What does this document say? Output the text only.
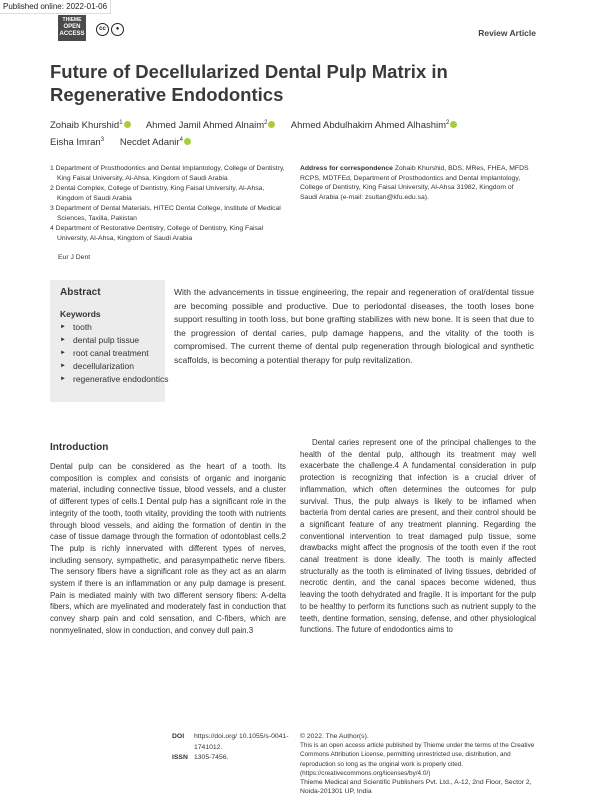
Published online: 2022-01-06
THIEME
OPEN
ACCESS
cc ●	Review Article
Future of Decellularized Dental Pulp Matrix in Regenerative Endodontics
Zohaib Khurshid$^1$ Ahmed Jamil Ahmed Alnaim$^2$ Ahmed Abdulhakim Ahmed Alhashim$^2$
Eisha Imran$^3$ Necdet Adanir$^4$
1 Department of Prosthodontics and Dental Implantology, College of Dentistry, King Faisal University, Al-Ahsa, Kingdom of Saudi Arabia
2 Dental Complex, College of Dentistry, King Faisal University, Al-Ahsa, Kingdom of Saudi Arabia
3 Department of Dental Materials, HITEC Dental College, Institute of Medical Sciences, Taxilla, Pakistan
4 Department of Restorative Dentistry, College of Dentistry, King Faisal University, Al-Ahsa, Kingdom of Saudi Arabia
Address for correspondence Zohaib Khurshid, BDS, MRes, FHEA, MFDS RCPS, MDTFEd, Department of Prosthodontics and Dental Implantology, College of Dentistry, King Faisal University, Al-Ahsa 31982, Kingdom of Saudi Arabia (e-mail: zsultan@kfu.edu.sa).
Eur J Dent
Abstract
Keywords
► tooth
► dental pulp tissue
► root canal treatment
► decellularization
► regenerative endodontics
With the advancements in tissue engineering, the repair and regeneration of oral/dental tissue are becoming possible and productive. Due to periodontal diseases, the tooth loses bone support resulting in tooth loss, but bone grafting stabilizes with new bone. It is seen that due to the progression of dental caries, pulp damage happens, and the vitality of the tooth is compromised. The current theme of dental pulp regeneration through biological and synthetic scaffolds, is becoming a potential therapy for pulp revitalization.
Introduction
Dental pulp can be considered as the heart of a tooth. Its composition is complex and consists of organic and inorganic material, including connective tissue, blood vessels, and a cluster of different types of cells.1 Dental pulp has a significant role in the integrity of the tooth, tooth vitality, providing the tooth with nutrients through blood vessels, and aiding the formation of dentin in the case of tissue damage through the formation of odontoblast cells.2 The pulp is richly innervated with different types of nerves, including sensory, sympathetic, and parasympathetic nerve fibers. The sensory fibers have a significant role as they act as an alarm system if there is an inflammation or any pulp damage is present. Pain is mediated mainly with two different sensory fibers: A-delta fibers, which are myelinated and moderately fast in conduction that convey sharp pain and cold sensation, and C-fibers, which are nonmyelinated, slow in conduction, and convey dull pain.3

Dental caries represent one of the principal challenges to the health of the dental pulp, although its treatment may well exacerbate the challenge.4 A fundamental consideration in pulp protection is recognizing that infection is a crucial driver of inflammation, which often determines the outcomes for pulp survival. Thus, the pulp always is likely to be inflamed when bacteria from dental caries are present, and their control should be a significant feature of any treatment planning. Regarding the conventional intervention to treat damaged pulp tissue, some drawbacks might affect the prognosis of the tooth even if the root canal treatment is done ideally. The tooth is mainly affected structurally as the tooth is eliminated of living tissues, debrided of necrotic dentin, and the canal spaces become widened, thus leaving the tooth dehydrated and fragile. It is important for the pulp to be healthy to perform its functions such as nutrient supply to the teeth, dentine formation, sensing, defense, and other physiological functions. The future of endodontics aims to

DOI https://doi.org/ 10.1055/s-0041-1741012.
ISSN 1305-7456.
© 2022. The Author(s).
This is an open access article published by Thieme under the terms of the Creative Commons Attribution License, permitting unrestricted use, distribution, and reproduction so long as the original work is properly cited. (https://creativecommons.org/licenses/by/4.0/)
Thieme Medical and Scientific Publishers Pvt. Ltd., A-12, 2nd Floor, Sector 2, Noida-201301 UP, India
